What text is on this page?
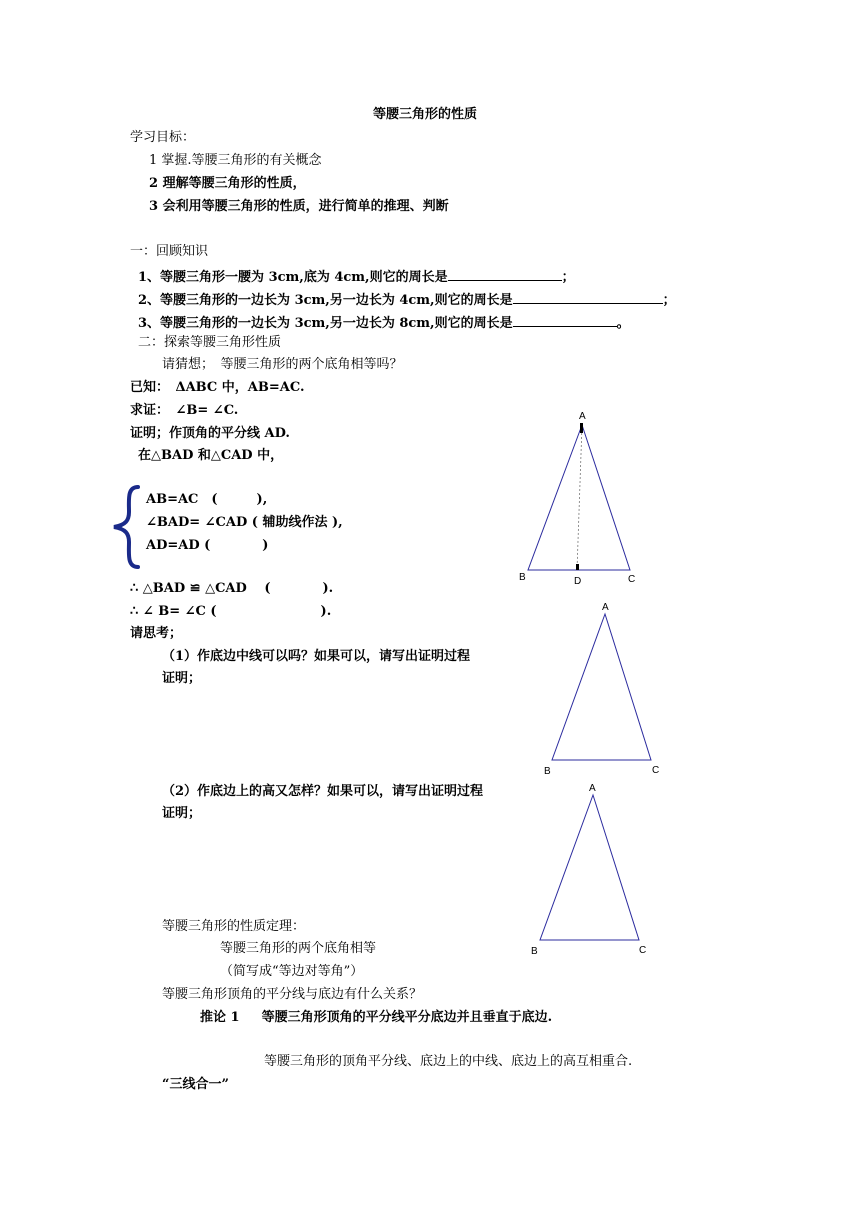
等腰三角形的性质
学习目标：
1 掌握.等腰三角形的有关概念
2 理解等腰三角形的性质，
3 会利用等腰三角形的性质，进行简单的推理、判断
一：回顾知识
1、等腰三角形一腰为 3cm,底为 4cm,则它的周长是	；
2、等腰三角形的一边长为 3cm,另一边长为 4cm,则它的周长是	；
3、等腰三角形的一边长为 3cm,另一边长为 8cm,则它的周长是	。
二：探索等腰三角形性质
请猜想；　等腰三角形的两个底角相等吗？
已知：　ΔABC 中，AB=AC.
求证：　∠B= ∠C.
证明；作顶角的平分线 AD.
在△BAD 和△CAD 中，
AB=AC　(　　　),
∠BAD= ∠CAD ( 辅助线作法 ),
AD=AD (　　　　)
∴ △BAD ≌ △CAD　 (　　　　).
∴ ∠ B= ∠C (　　　　　　　　).
请思考；
（1）作底边中线可以吗？如果可以，请写出证明过程
证明；
（2）作底边上的高又怎样？如果可以，请写出证明过程
证明；
等腰三角形的性质定理：
等腰三角形的两个底角相等
（简写成“等边对等角”）
等腰三角形顶角的平分线与底边有什么关系？
推论 1 等腰三角形顶角的平分线平分底边并且垂直于底边.
等腰三角形的顶角平分线、底边上的中线、底边上的高互相重合.
“三线合一”
A
B	C
D
A
B	C
A
B	C
